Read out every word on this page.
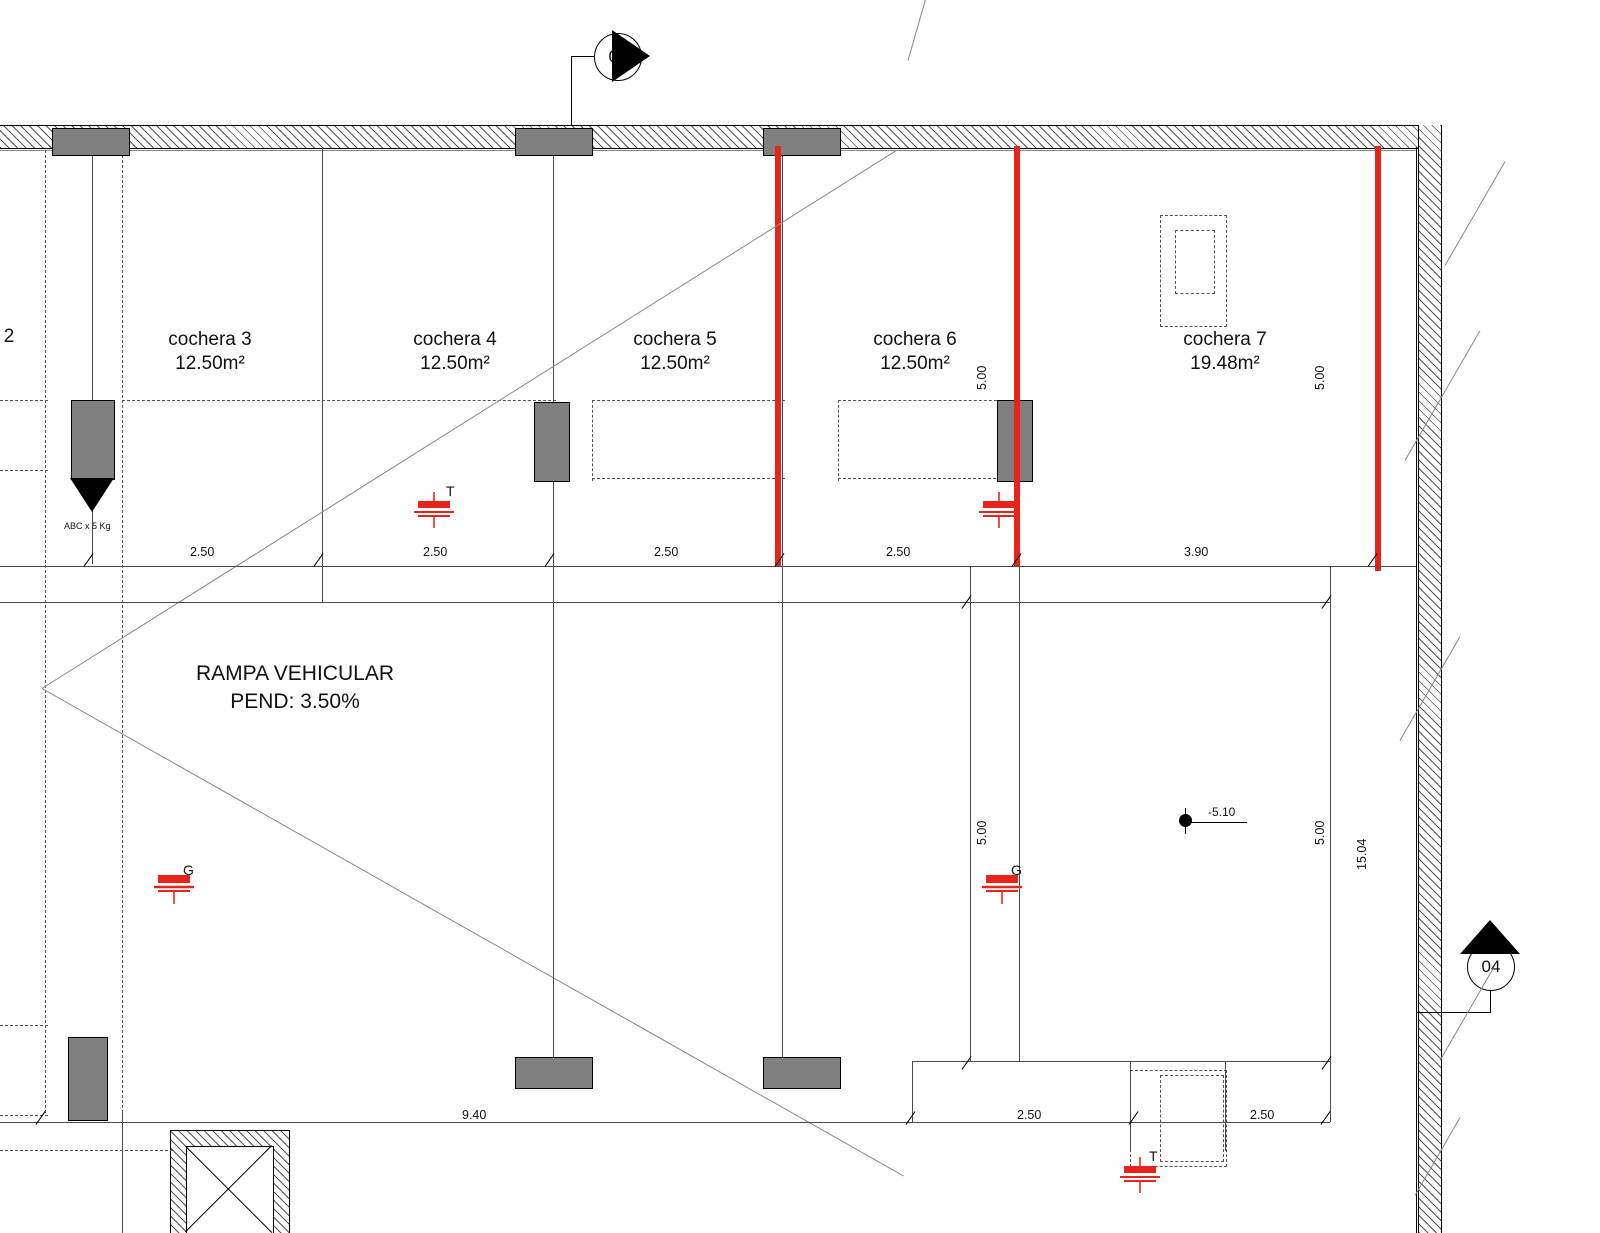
05
04
2	cochera 3
12.50m²
cochera 4
12.50m²
cochera 5
12.50m²
cochera 6
12.50m²
cochera 7
19.48m²
RAMPA VEHICULAR
PEND: 3.50%
ABC x 5 Kg
T
G	G
T
-5.10
2.50	2.50	2.50	2.50	3.90
9.40	2.50	2.50
5.00
5.00
5.00
5.00
15.04
